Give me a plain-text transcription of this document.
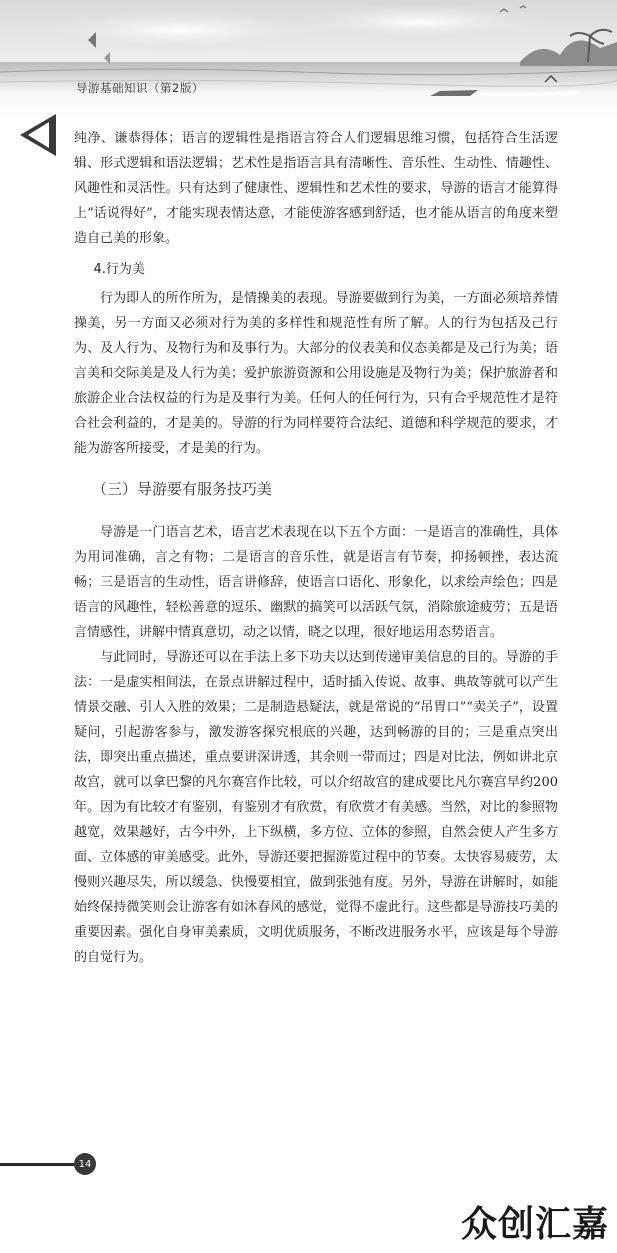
导游基础知识（第2版）

纯净、谦恭得体；语言的逻辑性是指语言符合人们逻辑思维习惯，包括符合生活逻辑、形式逻辑和语法逻辑；艺术性是指语言具有清晰性、音乐性、生动性、情趣性、风趣性和灵活性。只有达到了健康性、逻辑性和艺术性的要求，导游的语言才能算得上“话说得好”，才能实现表情达意，才能使游客感到舒适，也才能从语言的角度来塑造自己美的形象。

4.行为美

行为即人的所作所为，是情操美的表现。导游要做到行为美，一方面必须培养情操美，另一方面又必须对行为美的多样性和规范性有所了解。人的行为包括及己行为、及人行为、及物行为和及事行为。大部分的仪表美和仪态美都是及己行为美；语言美和交际美是及人行为美；爱护旅游资源和公用设施是及物行为美；保护旅游者和旅游企业合法权益的行为是及事行为美。任何人的任何行为，只有合乎规范性才是符合社会利益的，才是美的。导游的行为同样要符合法纪、道德和科学规范的要求，才能为游客所接受，才是美的行为。

（三）导游要有服务技巧美

导游是一门语言艺术，语言艺术表现在以下五个方面：一是语言的准确性，具体为用词准确，言之有物；二是语言的音乐性，就是语言有节奏，抑扬顿挫，表达流畅；三是语言的生动性，语言讲修辞，使语言口语化、形象化，以求绘声绘色；四是语言的风趣性，轻松善意的逗乐、幽默的搞笑可以活跃气氛，消除旅途疲劳；五是语言情感性，讲解中情真意切，动之以情，晓之以理，很好地运用态势语言。

与此同时，导游还可以在手法上多下功夫以达到传递审美信息的目的。导游的手法：一是虚实相间法，在景点讲解过程中，适时插入传说、故事、典故等就可以产生情景交融、引人入胜的效果；二是制造悬疑法，就是常说的“吊胃口”“卖关子”，设置疑问，引起游客参与，激发游客探究根底的兴趣，达到畅游的目的；三是重点突出法，即突出重点描述，重点要讲深讲透，其余则一带而过；四是对比法，例如讲北京故宫，就可以拿巴黎的凡尔赛宫作比较，可以介绍故宫的建成要比凡尔赛宫早约200年。因为有比较才有鉴别，有鉴别才有欣赏，有欣赏才有美感。当然，对比的参照物越宽，效果越好，古今中外，上下纵横，多方位、立体的参照，自然会使人产生多方面、立体感的审美感受。此外，导游还要把握游览过程中的节奏。太快容易疲劳，太慢则兴趣尽失，所以缓急、快慢要相宜，做到张弛有度。另外，导游在讲解时，如能始终保持微笑则会让游客有如沐春风的感觉，觉得不虚此行。这些都是导游技巧美的重要因素。强化自身审美素质，文明优质服务，不断改进服务水平，应该是每个导游的自觉行为。

14
众创汇嘉
